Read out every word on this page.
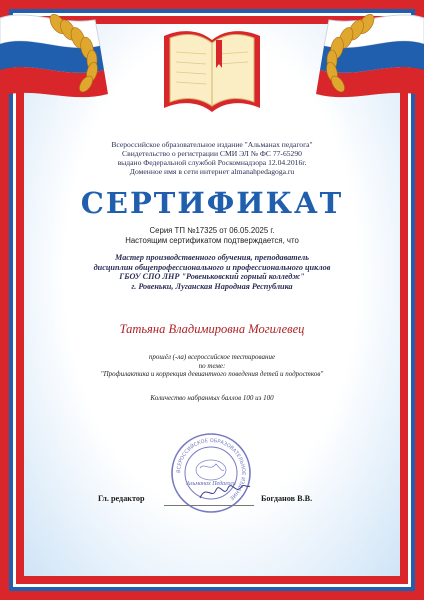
Всероссийское образовательное издание "Альманах педагога"
Свидетельство о регистрации СМИ ЭЛ № ФС 77-65290
выдано Федеральной службой Роскомнадзора 12.04.2016г.
Доменное имя в сети интернет almanahpedagoga.ru
СЕРТИФИКАТ
Серия ТП №17325 от 06.05.2025 г.
Настоящим сертификатом подтверждается, что
Мастер производственного обучения, преподаватель
дисциплин общепрофессионального и профессионального циклов
ГБОУ СПО ЛНР "Ровеньковский горный колледж"
г. Ровеньки, Луганская Народная Республика
Татьяна Владимировна Могилевец
прошёл (-ла) всероссийское тестирование
по теме:
"Профилактика и коррекция девиантного поведения детей и подростков"
Количество набранных баллов 100 из 100
ВСЕРОССИЙСКОЕ ОБРАЗОВАТЕЛЬНОЕ ИЗДАНИЕ
Альманах Педагога
Гл. редактор	Богданов В.В.
